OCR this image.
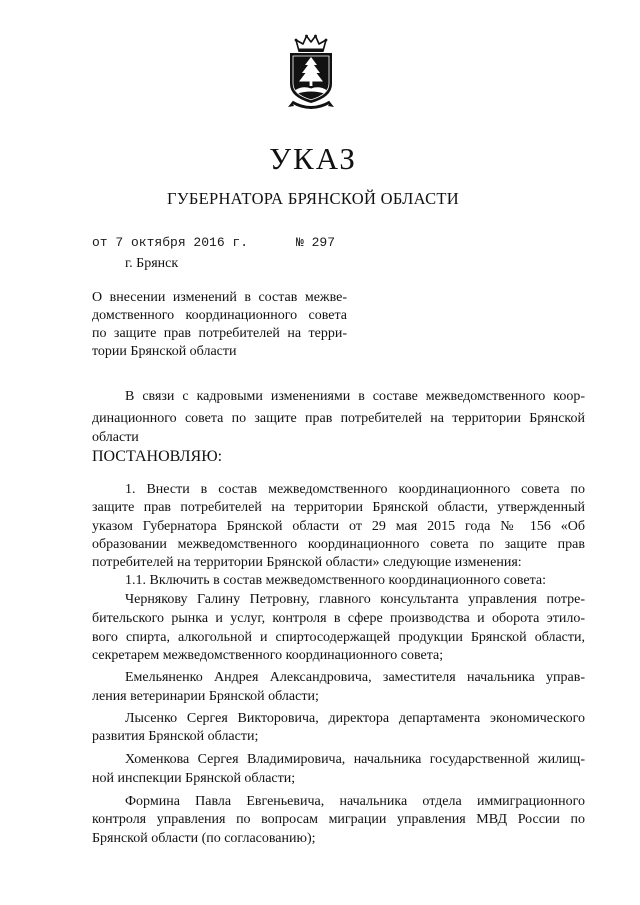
УКАЗ
ГУБЕРНАТОРА БРЯНСКОЙ ОБЛАСТИ
от 7 октября 2016 г.	№ 297
г. Брянск
О внесении изменений в состав межве-
домственного координационного совета
по защите прав потребителей на терри-
тории Брянской области
В связи с кадровыми изменениями в составе межведомственного коор-
динационного совета по защите прав потребителей на территории Брянской
области
ПОСТАНОВЛЯЮ:
1. Внести в состав межведомственного координационного совета по
защите прав потребителей на территории Брянской области, утвержденный
указом Губернатора Брянской области от 29 мая 2015 года № 156 «Об
образовании межведомственного координационного совета по защите прав
потребителей на территории Брянской области» следующие изменения:
1.1. Включить в состав межведомственного координационного совета:
Чернякову Галину Петровну, главного консультанта управления потре-
бительского рынка и услуг, контроля в сфере производства и оборота этило-
вого спирта, алкогольной и спиртосодержащей продукции Брянской области,
секретарем межведомственного координационного совета;
Емельяненко Андрея Александровича, заместителя начальника управ-
ления ветеринарии Брянской области;
Лысенко Сергея Викторовича, директора департамента экономического
развития Брянской области;
Хоменкова Сергея Владимировича, начальника государственной жилищ-
ной инспекции Брянской области;
Формина Павла Евгеньевича, начальника отдела иммиграционного
контроля управления по вопросам миграции управления МВД России по
Брянской области (по согласованию);
